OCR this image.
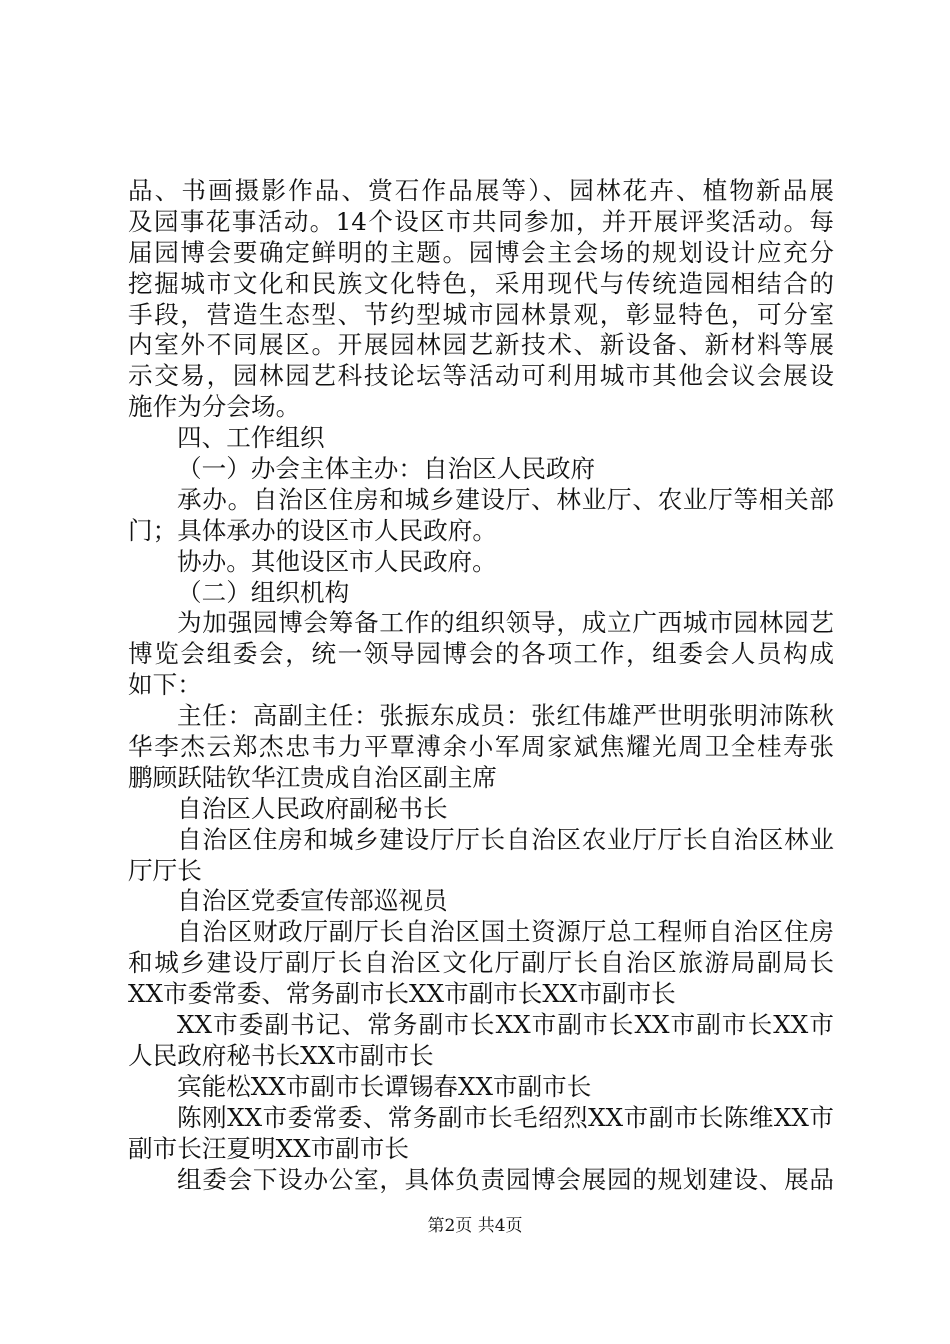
品、书画摄影作品、赏石作品展等）、园林花卉、植物新品展
及园事花事活动。14个设区市共同参加，并开展评奖活动。每
届园博会要确定鲜明的主题。园博会主会场的规划设计应充分
挖掘城市文化和民族文化特色，采用现代与传统造园相结合的
手段，营造生态型、节约型城市园林景观，彰显特色，可分室
内室外不同展区。开展园林园艺新技术、新设备、新材料等展
示交易，园林园艺科技论坛等活动可利用城市其他会议会展设
施作为分会场。
四、工作组织
（一）办会主体主办：自治区人民政府
承办。自治区住房和城乡建设厅、林业厅、农业厅等相关部
门；具体承办的设区市人民政府。
协办。其他设区市人民政府。
（二）组织机构
为加强园博会筹备工作的组织领导，成立广西城市园林园艺
博览会组委会，统一领导园博会的各项工作，组委会人员构成
如下：
主任：高副主任：张振东成员：张红伟雄严世明张明沛陈秋
华李杰云郑杰忠韦力平覃溥余小军周家斌焦耀光周卫全桂寿张
鹏顾跃陆钦华江贵成自治区副主席
自治区人民政府副秘书长
自治区住房和城乡建设厅厅长自治区农业厅厅长自治区林业
厅厅长
自治区党委宣传部巡视员
自治区财政厅副厅长自治区国土资源厅总工程师自治区住房
和城乡建设厅副厅长自治区文化厅副厅长自治区旅游局副局长
XX市委常委、常务副市长XX市副市长XX市副市长
XX市委副书记、常务副市长XX市副市长XX市副市长XX市
人民政府秘书长XX市副市长
宾能松XX市副市长谭锡春XX市副市长
陈刚XX市委常委、常务副市长毛绍烈XX市副市长陈维XX市
副市长汪夏明XX市副市长
组委会下设办公室，具体负责园博会展园的规划建设、展品
第2页 共4页
